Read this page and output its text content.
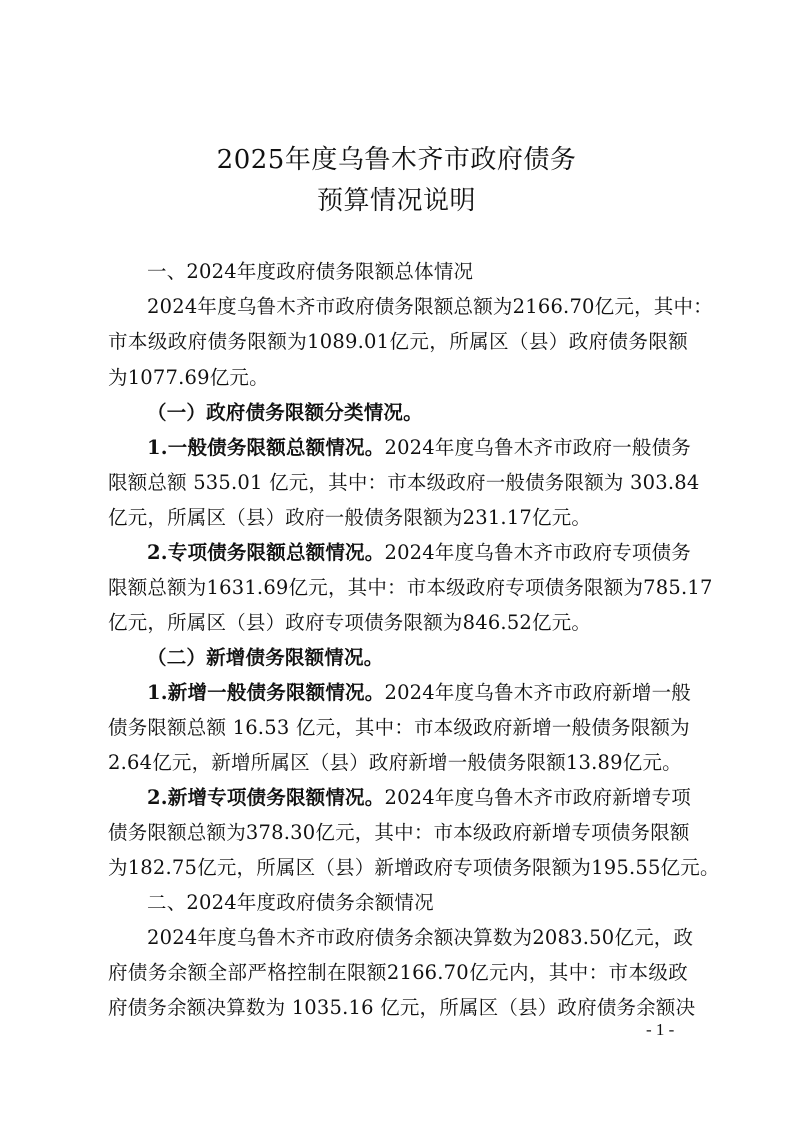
2025年度乌鲁木齐市政府债务
预算情况说明
一、2024年度政府债务限额总体情况
2024年度乌鲁木齐市政府债务限额总额为2166.70亿元，其中：
市本级政府债务限额为1089.01亿元，所属区（县）政府债务限额
为1077.69亿元。
（一）政府债务限额分类情况。
1.一般债务限额总额情况。2024年度乌鲁木齐市政府一般债务
限额总额 535.01 亿元，其中：市本级政府一般债务限额为 303.84
亿元，所属区（县）政府一般债务限额为231.17亿元。
2.专项债务限额总额情况。2024年度乌鲁木齐市政府专项债务
限额总额为1631.69亿元，其中：市本级政府专项债务限额为785.17
亿元，所属区（县）政府专项债务限额为846.52亿元。
（二）新增债务限额情况。
1.新增一般债务限额情况。2024年度乌鲁木齐市政府新增一般
债务限额总额 16.53 亿元，其中：市本级政府新增一般债务限额为
2.64亿元，新增所属区（县）政府新增一般债务限额13.89亿元。
2.新增专项债务限额情况。2024年度乌鲁木齐市政府新增专项
债务限额总额为378.30亿元，其中：市本级政府新增专项债务限额
为182.75亿元，所属区（县）新增政府专项债务限额为195.55亿元。
二、2024年度政府债务余额情况
2024年度乌鲁木齐市政府债务余额决算数为2083.50亿元，政
府债务余额全部严格控制在限额2166.70亿元内，其中：市本级政
府债务余额决算数为 1035.16 亿元，所属区（县）政府债务余额决
- 1 -
